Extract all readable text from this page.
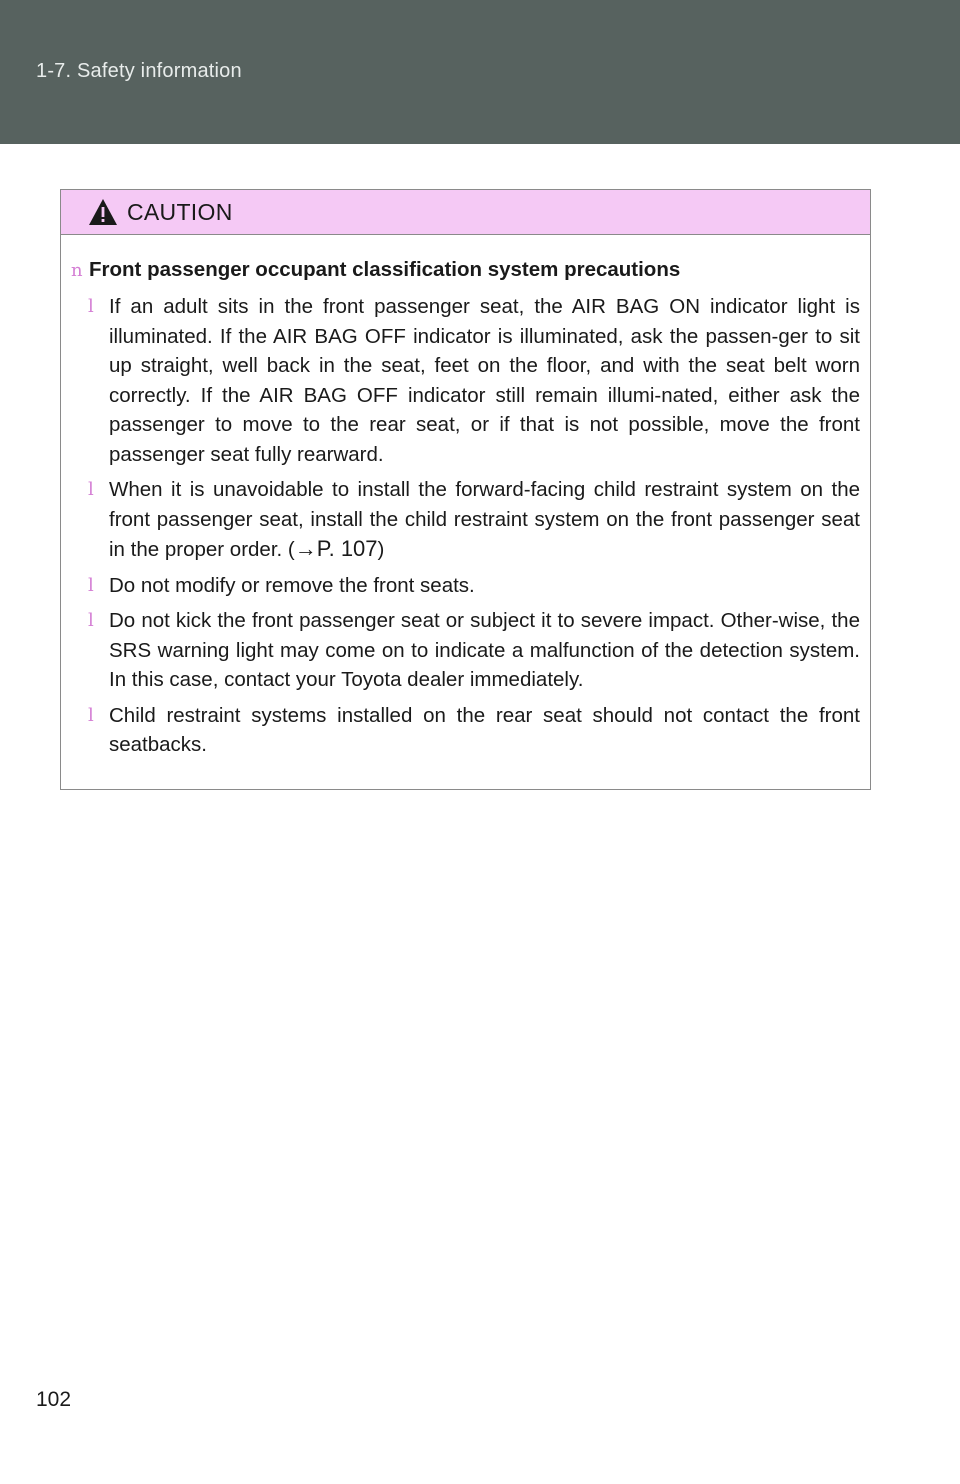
1-7. Safety information
CAUTION
n Front passenger occupant classification system precautions
l If an adult sits in the front passenger seat, the AIR BAG ON indicator light is illuminated. If the AIR BAG OFF indicator is illuminated, ask the passen-ger to sit up straight, well back in the seat, feet on the floor, and with the seat belt worn correctly. If the AIR BAG OFF indicator still remain illumi-nated, either ask the passenger to move to the rear seat, or if that is not possible, move the front passenger seat fully rearward.
l When it is unavoidable to install the forward-facing child restraint system on the front passenger seat, install the child restraint system on the front passenger seat in the proper order. (→P. 107)
l Do not modify or remove the front seats.
l Do not kick the front passenger seat or subject it to severe impact. Other-wise, the SRS warning light may come on to indicate a malfunction of the detection system. In this case, contact your Toyota dealer immediately.
l Child restraint systems installed on the rear seat should not contact the front seatbacks.
102
